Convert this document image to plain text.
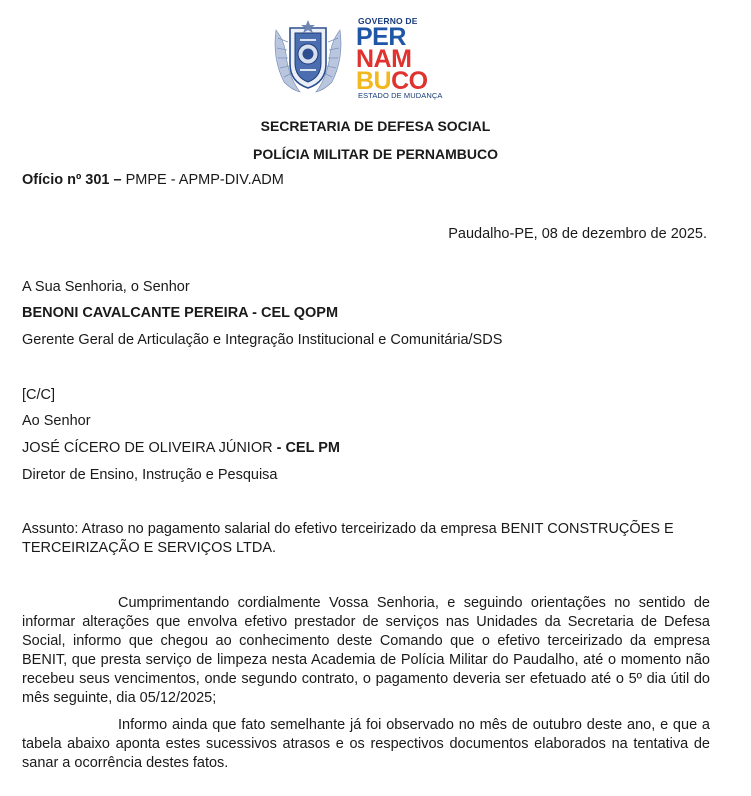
GOVERNO DE
PER
NAM
BUCO
ESTADO DE MUDANÇA
SECRETARIA DE DEFESA SOCIAL
POLÍCIA MILITAR DE PERNAMBUCO
Ofício nº 301 – PMPE - APMP-DIV.ADM
Paudalho-PE, 08 de dezembro de 2025.
A Sua Senhoria, o Senhor
BENONI CAVALCANTE PEREIRA - CEL QOPM
Gerente Geral de Articulação e Integração Institucional e Comunitária/SDS
[C/C]
Ao Senhor
JOSÉ CÍCERO DE OLIVEIRA JÚNIOR - CEL PM
Diretor de Ensino, Instrução e Pesquisa
Assunto: Atraso no pagamento salarial do efetivo terceirizado da empresa BENIT CONSTRUÇÕES E TERCEIRIZAÇÃO E SERVIÇOS LTDA.
Cumprimentando cordialmente Vossa Senhoria, e seguindo orientações no sentido de informar alterações que envolva efetivo prestador de serviços nas Unidades da Secretaria de Defesa Social, informo que chegou ao conhecimento deste Comando que o efetivo terceirizado da empresa BENIT, que presta serviço de limpeza nesta Academia de Polícia Militar do Paudalho, até o momento não recebeu seus vencimentos, onde segundo contrato, o pagamento deveria ser efetuado até o 5º dia útil do mês seguinte, dia 05/12/2025;
Informo ainda que fato semelhante já foi observado no mês de outubro deste ano, e que a tabela abaixo aponta estes sucessivos atrasos e os respectivos documentos elaborados na tentativa de sanar a ocorrência destes fatos.
